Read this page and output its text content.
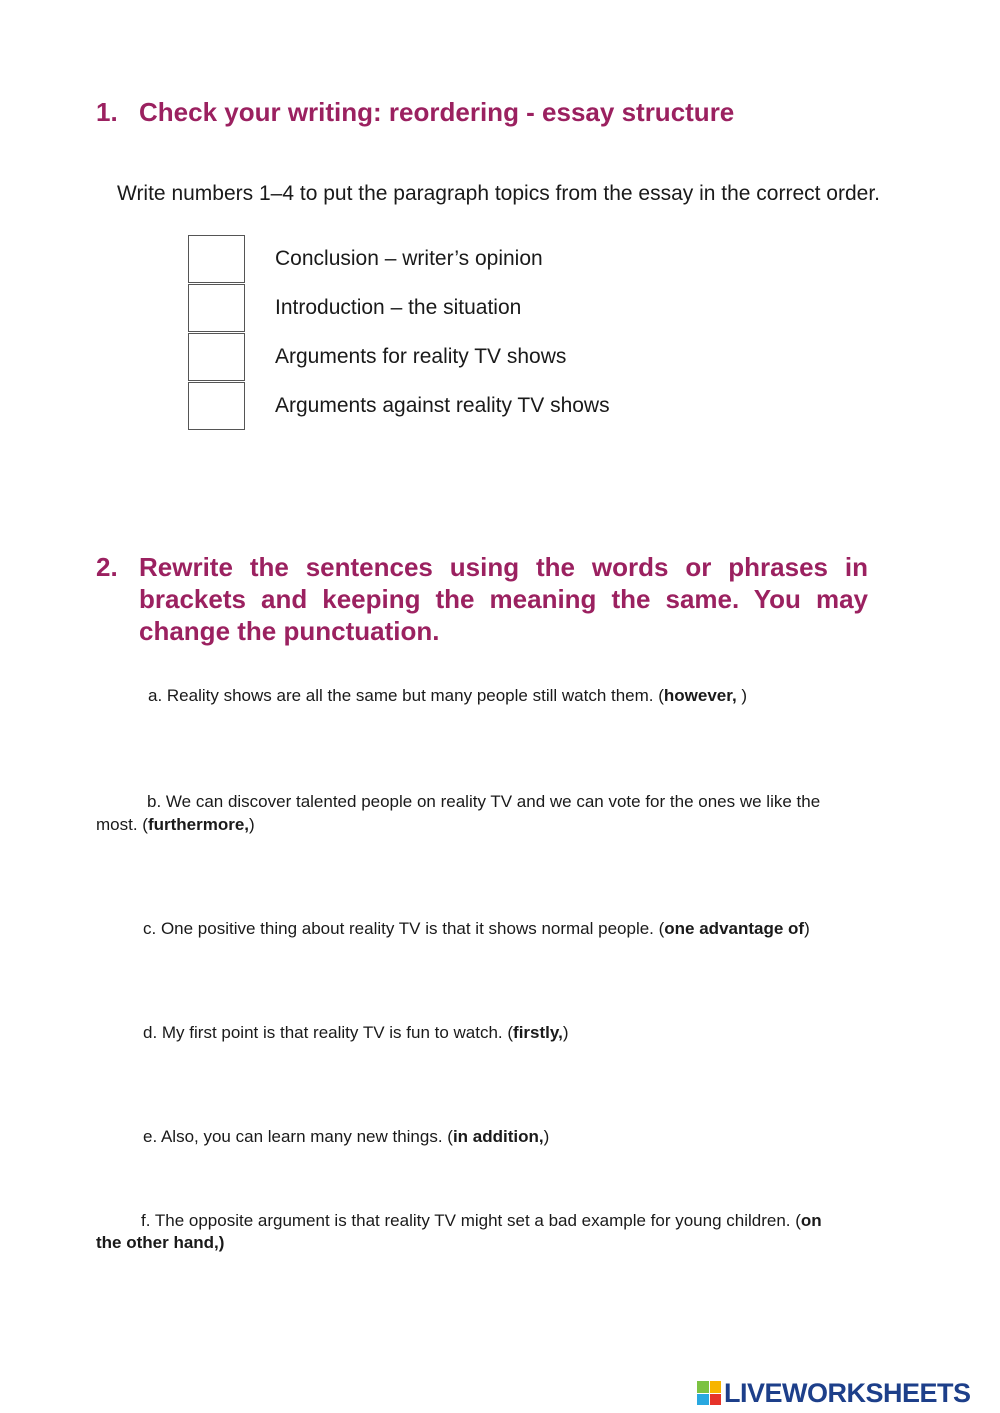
1. Check your writing: reordering - essay structure
Write numbers 1–4 to put the paragraph topics from the essay in the correct order.
Conclusion – writer’s opinion
Introduction – the situation
Arguments for reality TV shows
Arguments against reality TV shows
2. Rewrite the sentences using the words or phrases in
brackets and keeping the meaning the same. You may
change the punctuation.
a. Reality shows are all the same but many people still watch them. (however, )
b. We can discover talented people on reality TV and we can vote for the ones we like the
most. (furthermore,)
c. One positive thing about reality TV is that it shows normal people. (one advantage of)
d. My first point is that reality TV is fun to watch. (firstly,)
e. Also, you can learn many new things. (in addition,)
f. The opposite argument is that reality TV might set a bad example for young children. (on
the other hand,)
LIVEWORKSHEETS
